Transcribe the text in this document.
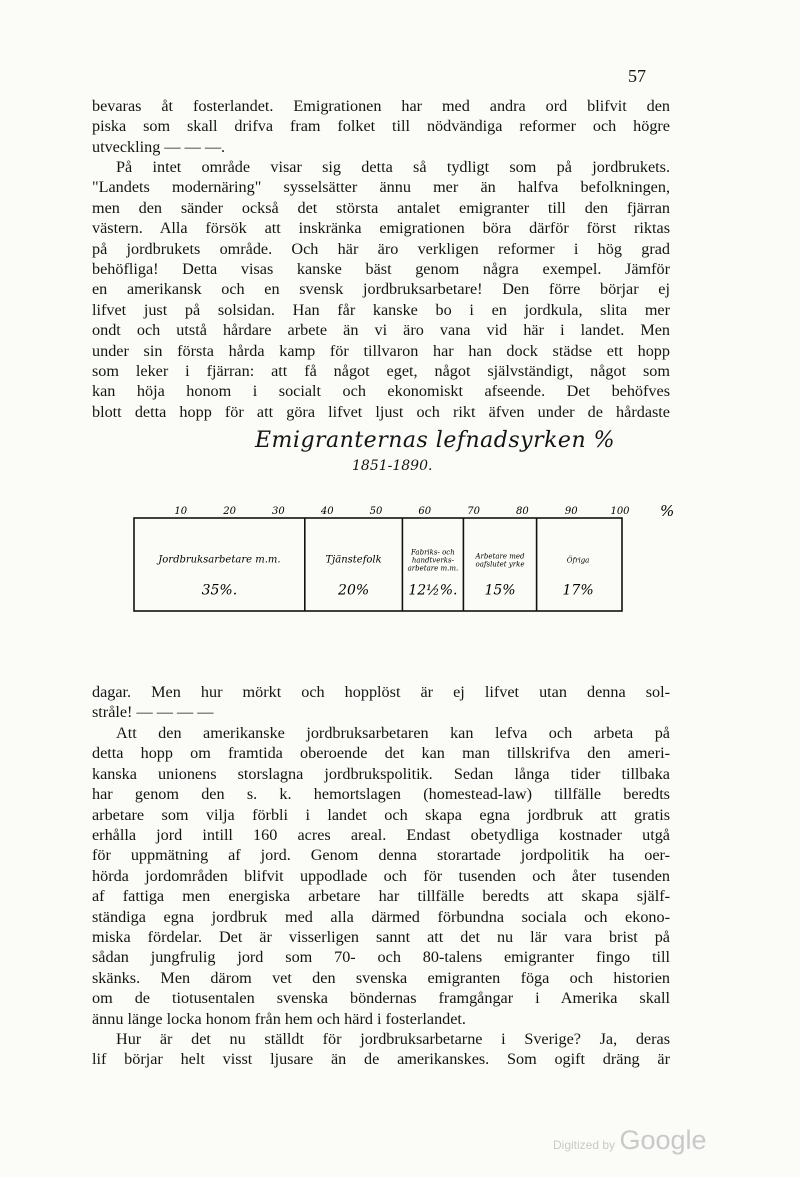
57
bevaras åt fosterlandet. Emigrationen har med andra ord blifvit den
piska som skall drifva fram folket till nödvändiga reformer och högre
utveckling — — —.
På intet område visar sig detta så tydligt som på jordbrukets.
"Landets modernäring" sysselsätter ännu mer än halfva befolkningen,
men den sänder också det största antalet emigranter till den fjärran
västern. Alla försök att inskränka emigrationen böra därför först riktas
på jordbrukets område. Och här äro verkligen reformer i hög grad
behöfliga! Detta visas kanske bäst genom några exempel. Jämför
en amerikansk och en svensk jordbruksarbetare! Den förre börjar ej
lifvet just på solsidan. Han får kanske bo i en jordkula, slita mer
ondt och utstå hårdare arbete än vi äro vana vid här i landet. Men
under sin första hårda kamp för tillvaron har han dock städse ett hopp
som leker i fjärran: att få något eget, något självständigt, något som
kan höja honom i socialt och ekonomiskt afseende. Det behöfves
blott detta hopp för att göra lifvet ljust och rikt äfven under de hårdaste
Emigranternas lefnadsyrken %
1851-1890.
10	20	30	40	50	60	70	80	90	100 %
Jordbruksarbetare m.m.
35%.
Tjänstefolk
20%
Fabriks- och handtverks-arbetare m.m.
12½%.
Arbetare med oafslutet yrke
15%
Öfriga
17%
dagar. Men hur mörkt och hopplöst är ej lifvet utan denna sol-
stråle! — — — —
Att den amerikanske jordbruksarbetaren kan lefva och arbeta på
detta hopp om framtida oberoende det kan man tillskrifva den ameri-
kanska unionens storslagna jordbrukspolitik. Sedan långa tider tillbaka
har genom den s. k. hemortslagen (homestead-law) tillfälle beredts
arbetare som vilja förbli i landet och skapa egna jordbruk att gratis
erhålla jord intill 160 acres areal. Endast obetydliga kostnader utgå
för uppmätning af jord. Genom denna storartade jordpolitik ha oer-
hörda jordområden blifvit uppodlade och för tusenden och åter tusenden
af fattiga men energiska arbetare har tillfälle beredts att skapa själf-
ständiga egna jordbruk med alla därmed förbundna sociala och ekono-
miska fördelar. Det är visserligen sannt att det nu lär vara brist på
sådan jungfrulig jord som 70- och 80-talens emigranter fingo till
skänks. Men därom vet den svenska emigranten föga och historien
om de tiotusentalen svenska böndernas framgångar i Amerika skall
ännu länge locka honom från hem och härd i fosterlandet.
Hur är det nu ställdt för jordbruksarbetarne i Sverige? Ja, deras
lif börjar helt visst ljusare än de amerikanskes. Som ogift dräng är
Digitized by Google
